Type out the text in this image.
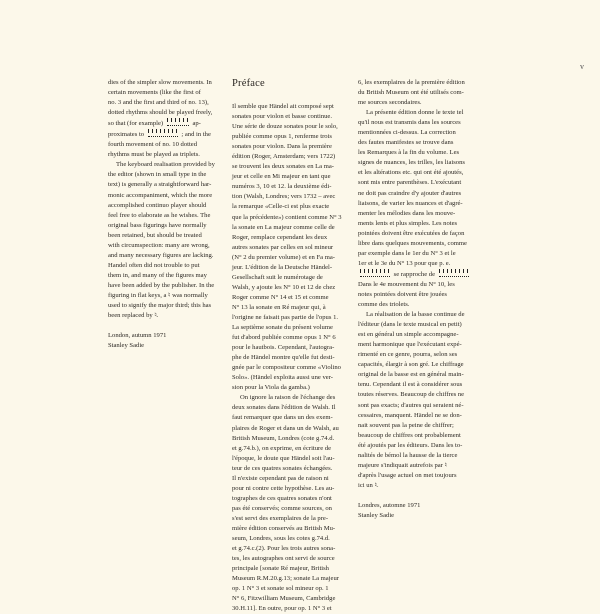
v
dies of the simpler slow movements. In
certain movements (like the first of
no. 3 and the first and third of no. 13),
dotted rhythms should be played freely,
so that (for example)	ap-
proximates to	; and in the
fourth movement of no. 10 dotted
rhythms must be played as triplets.
The keyboard realisation provided by
the editor (shown in small type in the
text) is generally a straightforward har-
monic accompaniment, which the more
accomplished continuo player should
feel free to elaborate as he wishes. The
original bass figurings have normally
been retained, but should be treated
with circumspection: many are wrong,
and many necessary figures are lacking.
Handel often did not trouble to put
them in, and many of the figures may
have been added by the publisher. In the
figuring in flat keys, a ♮ was normally
used to signify the major third; this has
been replaced by ♮.
London, autumn 1971
Stanley Sadie
Préface
Il semble que Händel ait composé sept
sonates pour violon et basse continue.
Une série de douze sonates pour le solo,
publiée comme opus 1, renferme trois
sonates pour violon. Dans la première
édition (Roger, Amsterdam; vers 1722)
se trouvent les deux sonates en La ma-
jeur et celle en Mi majeur en tant que
numéros 3, 10 et 12. la deuxième édi-
tion (Walsh, Londres; vers 1732 – avec
la remarque «Celle-ci est plus exacte
que la précédente») contient comme N° 3
la sonate en La majeur comme celle de
Roger, remplace cependant les deux
autres sonates par celles en sol mineur
(N° 2 du premier volume) et en Fa ma-
jeur. L'édition de la Deutsche Händel-
Gesellschaft suit le numérotage de
Walsh, y ajoute les N° 10 et 12 de chez
Roger comme N° 14 et 15 et comme
N° 13 la sonate en Ré majeur qui, à
l'origine ne faisait pas partie de l'opus 1.
La septième sonate du présent volume
fut d'abord publiée comme opus 1 N° 6
pour le hautbois. Cependant, l'autogra-
phe de Händel montre qu'elle fut desti-
gnée par le compositeur comme «Violino
Solo». (Händel exploita aussi une ver-
sion pour la Viola da gamba.)
On ignore la raison de l'échange des
deux sonates dans l'édition de Walsh. Il
faut remarquer que dans un des exem-
plaires de Roger et dans un de Walsh, au
British Museum, Londres (cote g.74.d.
et g.74.b.), on exprime, en écriture de
l'époque, le doute que Händel soit l'au-
teur de ces quatres sonates échangées.
Il n'existe cependant pas de raison ni
pour ni contre cette hypothèse. Les au-
tographes de ces quatres sonates n'ont
pas été conservés; comme sources, on
s'est servi des exemplaires de la pre-
mière édition conservés au British Mu-
seum, Londres, sous les cotes g.74.d.
et g.74.c.(2). Pour les trois autres sona-
tes, les autographes ont servi de source
principale [sonate Ré majeur, British
Museum R.M.20.g.13; sonate La majeur
op. 1 N° 3 et sonate sol mineur op. 1
N° 6, Fitzwilliam Museum, Cambridge
30.H.11]. En outre, pour op. 1 N° 3 et
6, les exemplaires de la première édition
du British Museum ont été utilisés com-
me sources secondaires.
La présente édition donne le texte tel
qu'il nous est transmis dans les sources
mentionnées ci-dessus. La correction
des fautes manifestes se trouve dans
les Remarques à la fin du volume. Les
signes de nuances, les trilles, les liaisons
et les altérations etc. qui ont été ajoutés,
sont mis entre parenthèses. L'exécutant
ne doit pas craindre d'y ajouter d'autres
liaisons, de varier les nuances et d'agré-
menter les mélodies dans les mouve-
ments lents et plus simples. Les notes
pointées doivent être exécutées de façon
libre dans quelques mouvements, comme
par exemple dans le 1er du N° 3 et le
1er et le 3e du N° 13 pour que p. e.
se rapproche de
Dans le 4e mouvement du N° 10, les
notes pointées doivent être jouées
comme des triolets.
La réalisation de la basse continue de
l'éditeur (dans le texte musical en petit)
est en général un simple accompagne-
ment harmonique que l'exécutant expé-
rimenté en ce genre, pourra, selon ses
capacités, élargir à son gré. Le chiffrage
original de la basse est en général main-
tenu. Cependant il est à considérer sous
toutes réserves. Beaucoup de chiffres ne
sont pas exacts; d'autres qui seraient né-
cessaires, manquent. Händel ne se don-
nait souvent pas la peine de chiffrer;
beaucoup de chiffres ont probablement
été ajoutés par les éditeurs. Dans les to-
nalités de bémol la hausse de la tierce
majeure s'indiquait autrefois par ♮
d'après l'usage actuel on met toujours
ici un ♮.
Londres, automne 1971
Stanley Sadie
